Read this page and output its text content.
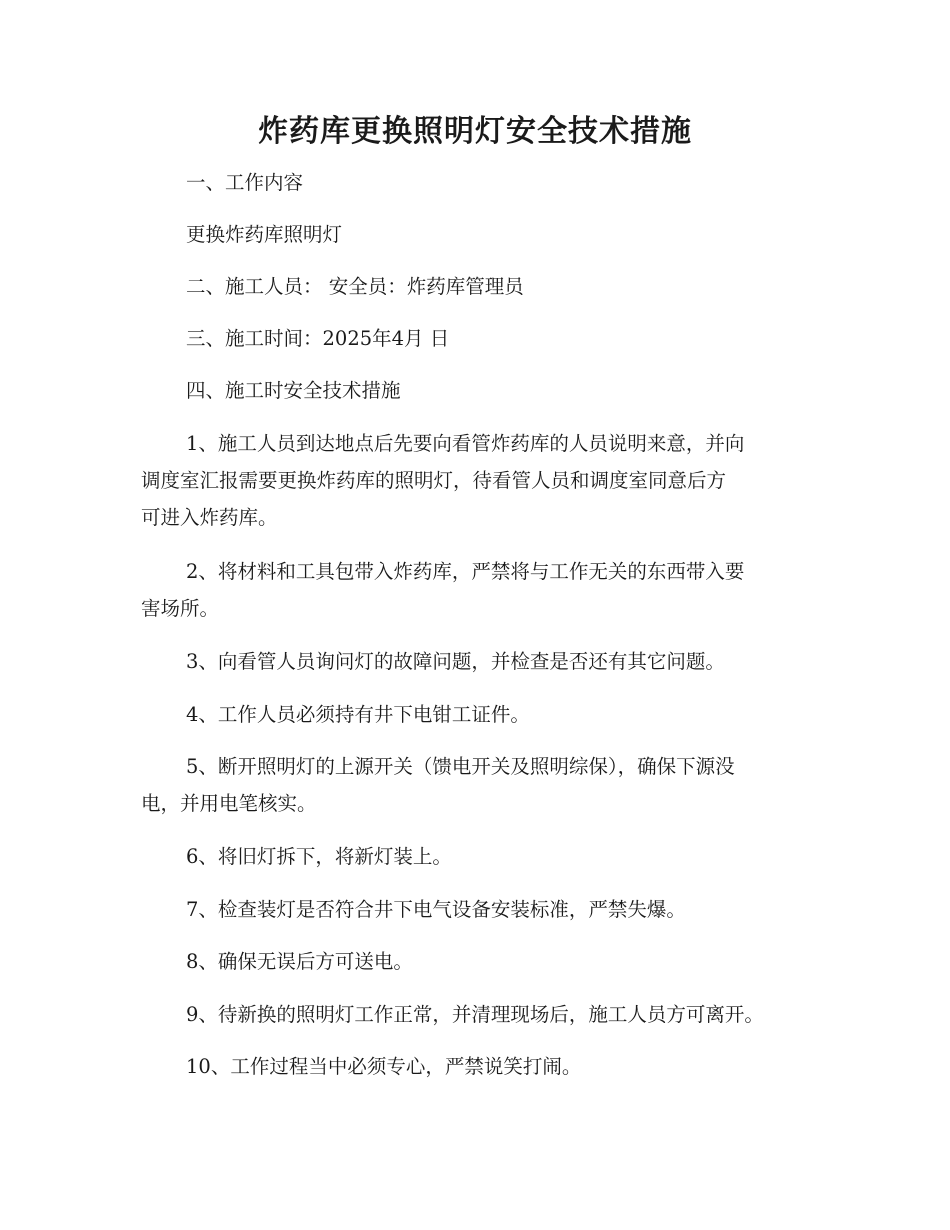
炸药库更换照明灯安全技术措施
一、工作内容
更换炸药库照明灯
二、施工人员： 安全员：炸药库管理员
三、施工时间：2025年4月 日
四、施工时安全技术措施
1、施工人员到达地点后先要向看管炸药库的人员说明来意，并向
调度室汇报需要更换炸药库的照明灯，待看管人员和调度室同意后方
可进入炸药库。
2、将材料和工具包带入炸药库，严禁将与工作无关的东西带入要
害场所。
3、向看管人员询问灯的故障问题，并检查是否还有其它问题。
4、工作人员必须持有井下电钳工证件。
5、断开照明灯的上源开关（馈电开关及照明综保），确保下源没
电，并用电笔核实。
6、将旧灯拆下，将新灯装上。
7、检查装灯是否符合井下电气设备安装标准，严禁失爆。
8、确保无误后方可送电。
9、待新换的照明灯工作正常，并清理现场后，施工人员方可离开。
10、工作过程当中必须专心，严禁说笑打闹。
